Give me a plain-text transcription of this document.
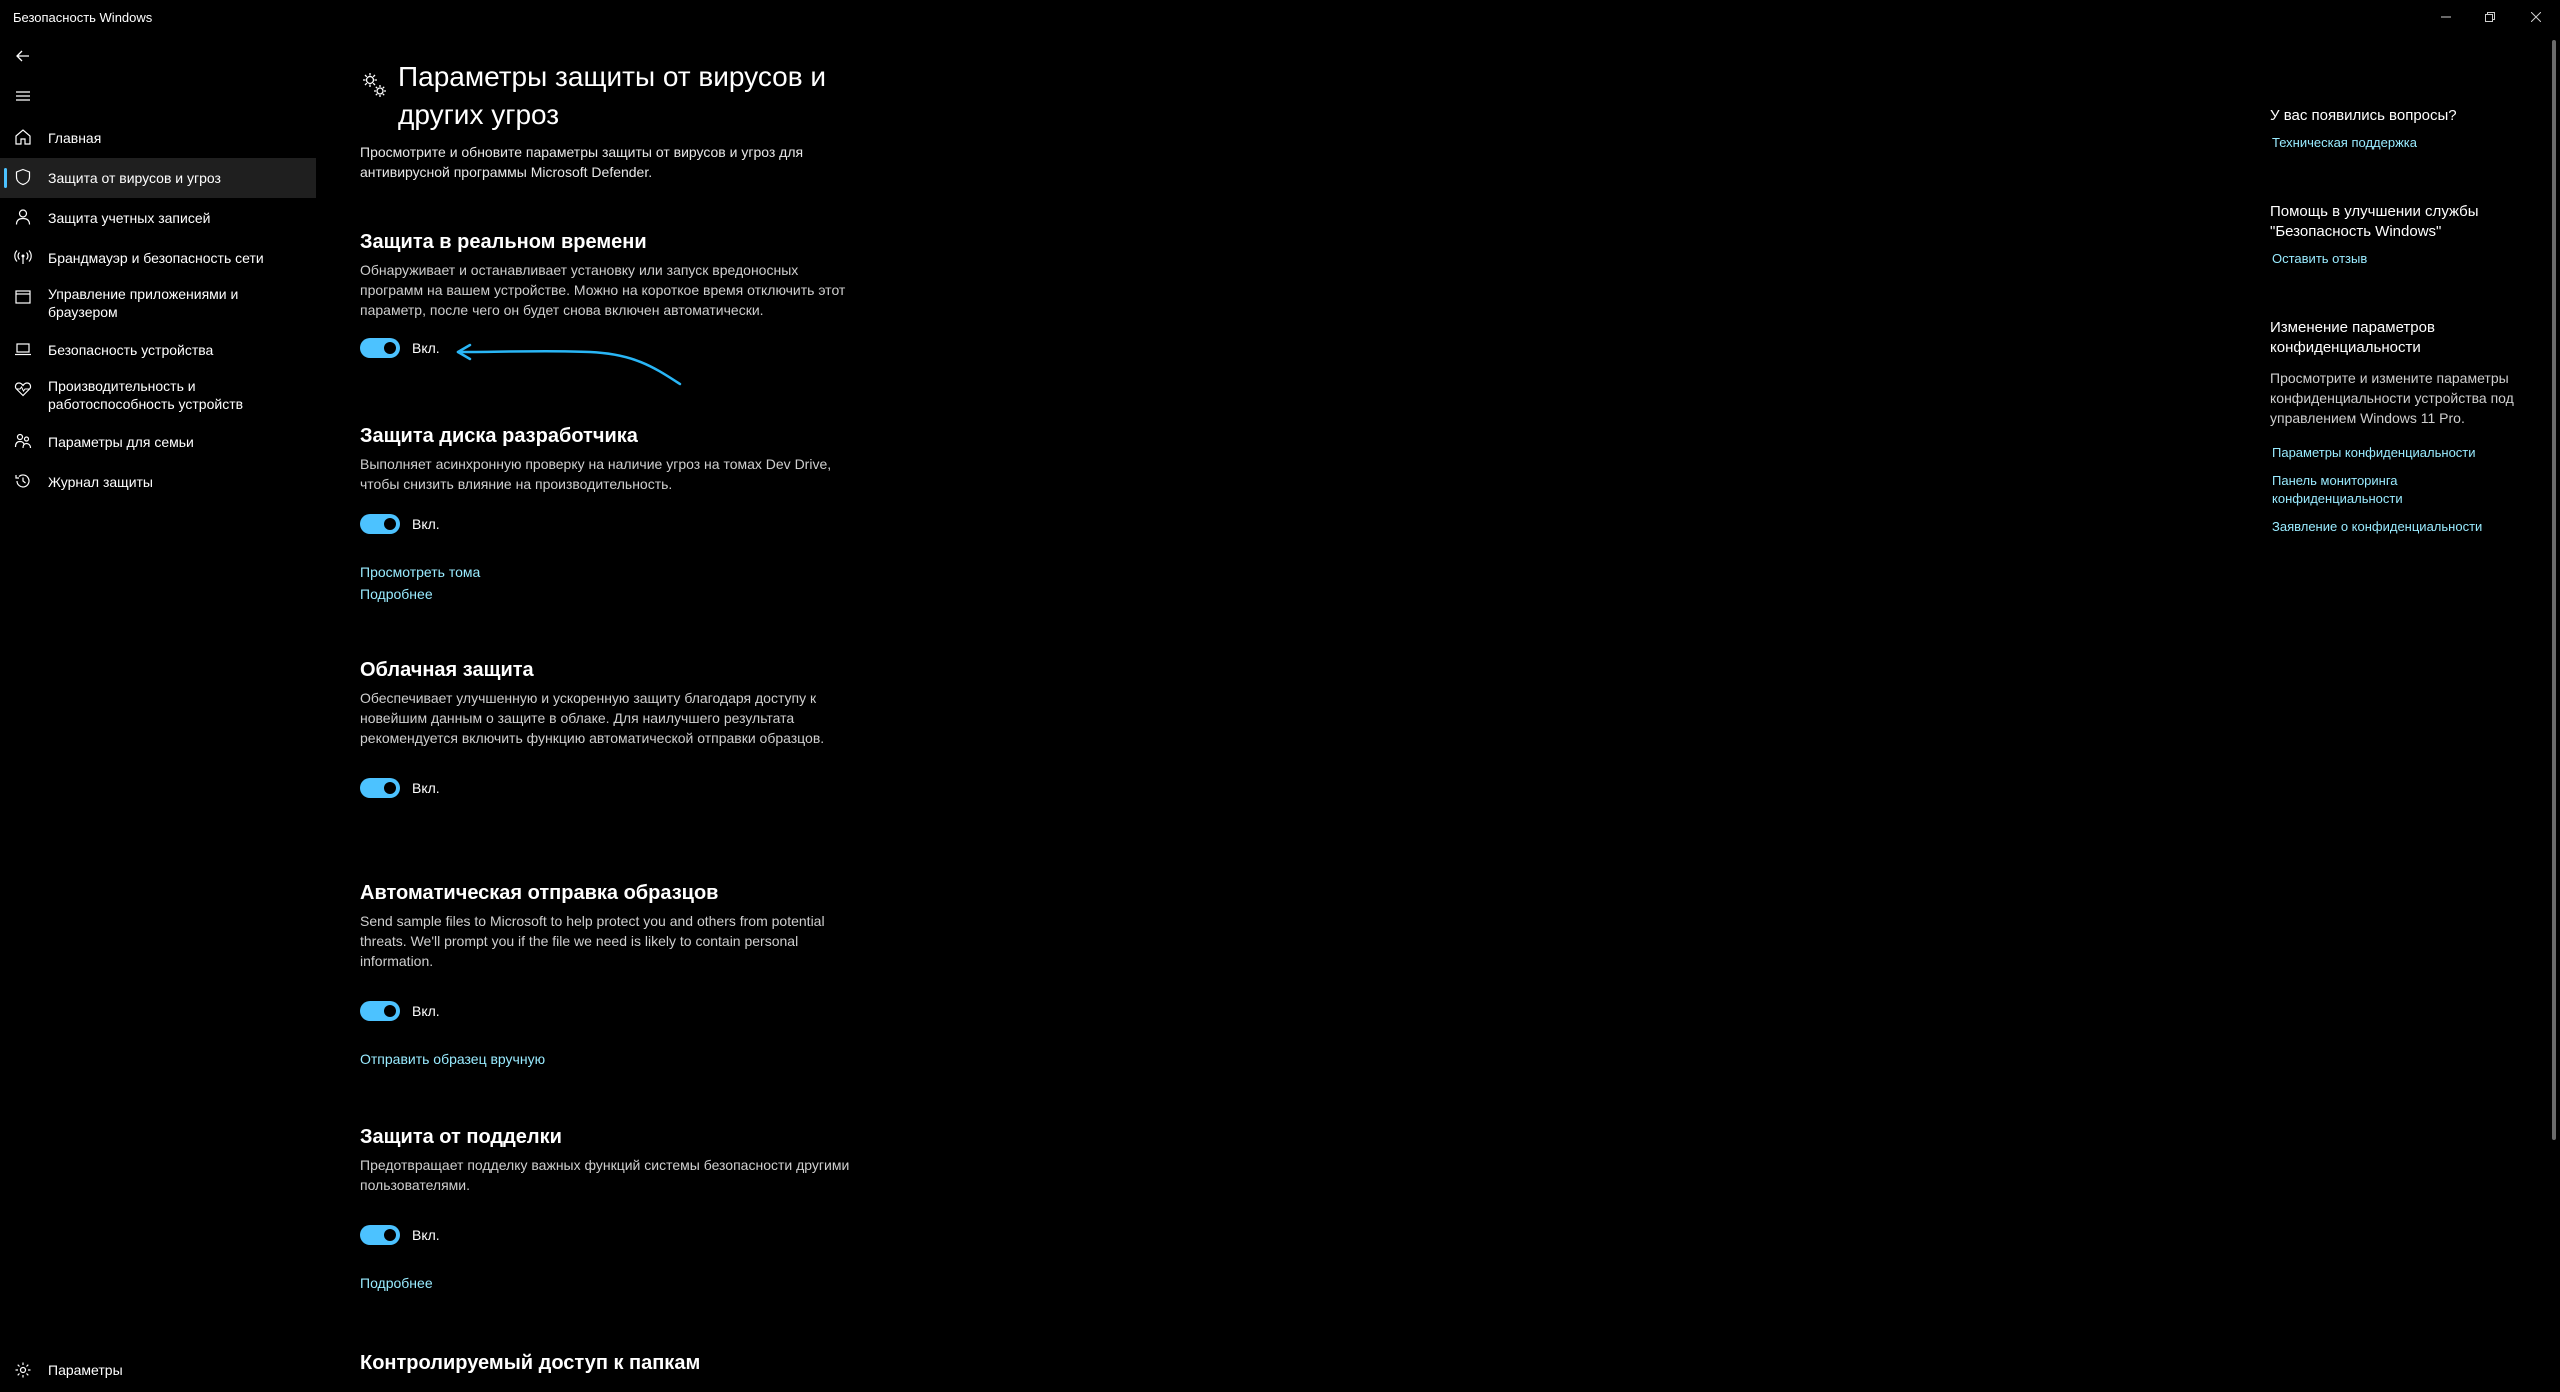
Безопасность Windows
Главная
Защита от вирусов и угроз
Защита учетных записей
Брандмауэр и безопасность сети
Управление приложениями и браузером
Безопасность устройства
Производительность и работоспособность устройств
Параметры для семьи
Журнал защиты
Параметры
Параметры защиты от вирусов и других угроз

Просмотрите и обновите параметры защиты от вирусов и угроз для антивирусной программы Microsoft Defender.

Защита в реальном времени

Обнаруживает и останавливает установку или запуск вредоносных программ на вашем устройстве. Можно на короткое время отключить этот параметр, после чего он будет снова включен автоматически.

Вкл.
Защита диска разработчика

Выполняет асинхронную проверку на наличие угроз на томах Dev Drive, чтобы снизить влияние на производительность.

Вкл.
Просмотреть тома
Подробнее
Облачная защита

Обеспечивает улучшенную и ускоренную защиту благодаря доступу к новейшим данным о защите в облаке. Для наилучшего результата рекомендуется включить функцию автоматической отправки образцов.

Вкл.
Автоматическая отправка образцов

Send sample files to Microsoft to help protect you and others from potential threats. We'll prompt you if the file we need is likely to contain personal information.

Вкл.
Отправить образец вручную
Защита от подделки

Предотвращает подделку важных функций системы безопасности другими пользователями.

Вкл.
Подробнее
Контролируемый доступ к папкам

У вас появились вопросы?

Техническая поддержка

Помощь в улучшении службы "Безопасность Windows"

Оставить отзыв

Изменение параметров конфиденциальности

Просмотрите и измените параметры конфиденциальности устройства под управлением Windows 11 Pro.

Параметры конфиденциальности
Панель мониторинга конфиденциальности
Заявление о конфиденциальности
